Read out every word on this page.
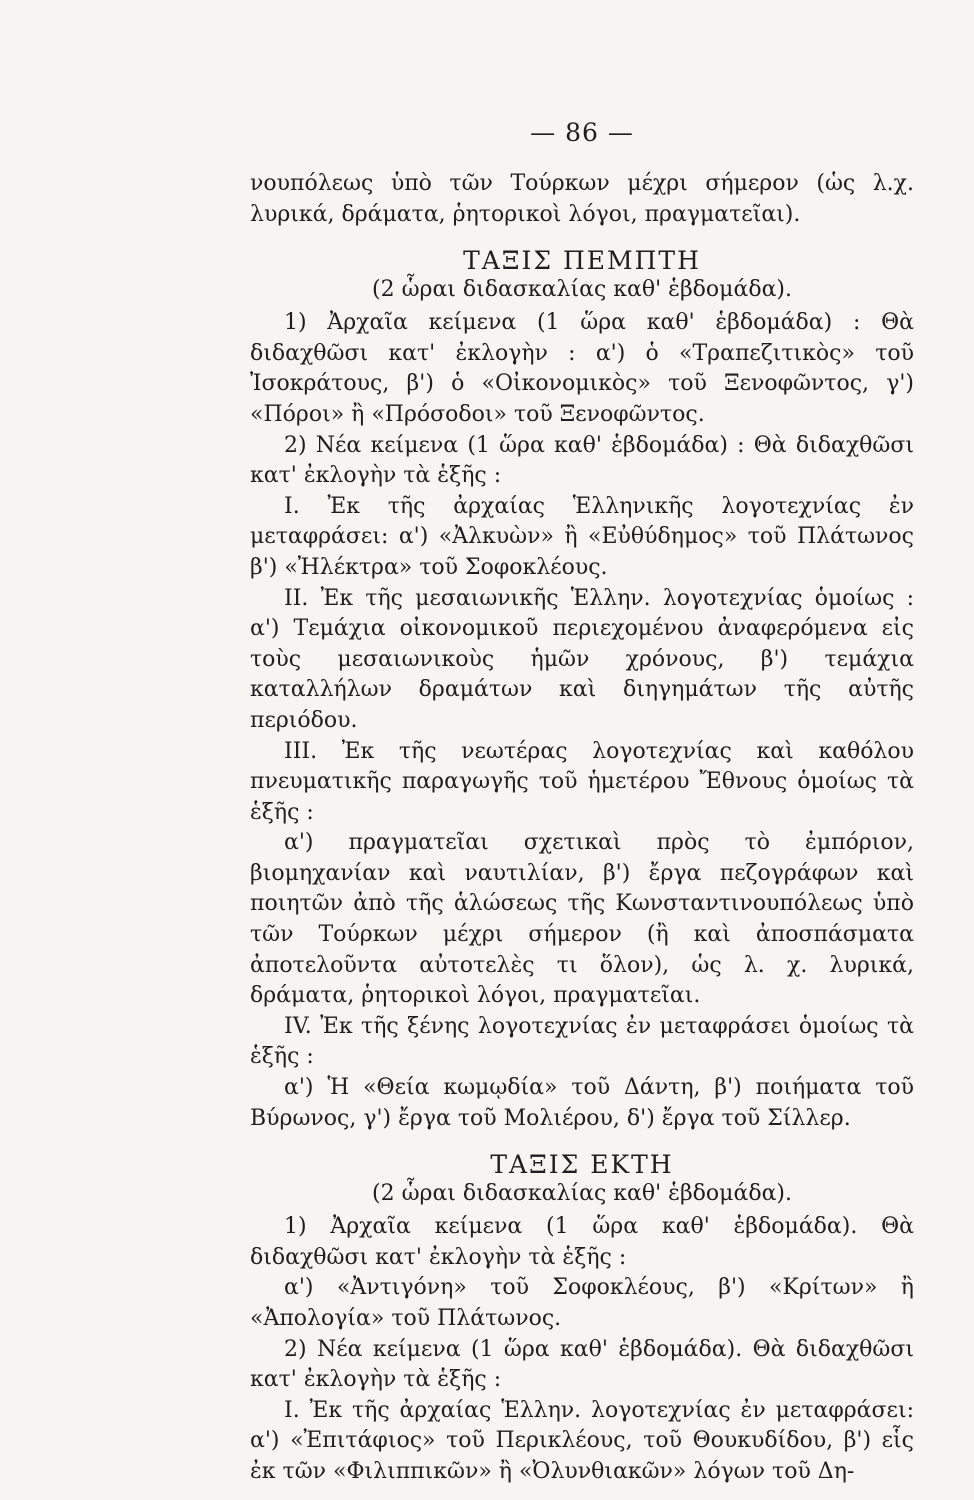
— 86 —

νουπόλεως ὑπὸ τῶν Τούρκων μέχρι σήμερον (ὡς λ.χ. λυρικά, δράματα, ῥητορικοὶ λόγοι, πραγματεῖαι).

ΤΑΞΙΣ ΠΕΜΠΤΗ
(2 ὧραι διδασκαλίας καθ' ἑβδομάδα).

1) Ἀρχαῖα κείμενα (1 ὥρα καθ' ἑβδομάδα) : Θὰ διδαχθῶσι κατ' ἐκλογὴν : α') ὁ «Τραπεζιτικὸς» τοῦ Ἰσοκράτους, β') ὁ «Οἰκονομικὸς» τοῦ Ξενοφῶντος, γ') «Πόροι» ἢ «Πρόσοδοι» τοῦ Ξενοφῶντος.

2) Νέα κείμενα (1 ὥρα καθ' ἑβδομάδα) : Θὰ διδαχθῶσι κατ' ἐκλογὴν τὰ ἑξῆς :

Ι. Ἐκ τῆς ἀρχαίας Ἑλληνικῆς λογοτεχνίας ἐν μεταφράσει: α') «Ἀλκυὼν» ἢ «Εὐθύδημος» τοῦ Πλάτωνος β') «Ἠλέκτρα» τοῦ Σοφοκλέους.

ΙΙ. Ἐκ τῆς μεσαιωνικῆς Ἑλλην. λογοτεχνίας ὁμοίως : α') Τεμάχια οἰκονομικοῦ περιεχομένου ἀναφερόμενα εἰς τοὺς μεσαιωνικοὺς ἡμῶν χρόνους, β') τεμάχια καταλλήλων δραμάτων καὶ διηγημάτων τῆς αὐτῆς περιόδου.

ΙΙΙ. Ἐκ τῆς νεωτέρας λογοτεχνίας καὶ καθόλου πνευματικῆς παραγωγῆς τοῦ ἡμετέρου Ἔθνους ὁμοίως τὰ ἑξῆς :

α') πραγματεῖαι σχετικαὶ πρὸς τὸ ἐμπόριον, βιομηχανίαν καὶ ναυτιλίαν, β') ἔργα πεζογράφων καὶ ποιητῶν ἀπὸ τῆς ἁλώσεως τῆς Κωνσταντινουπόλεως ὑπὸ τῶν Τούρκων μέχρι σήμερον (ἢ καὶ ἀποσπάσματα ἀποτελοῦντα αὐτοτελὲς τι ὅλον), ὡς λ. χ. λυρικά, δράματα, ῥητορικοὶ λόγοι, πραγματεῖαι.

ΙV. Ἐκ τῆς ξένης λογοτεχνίας ἐν μεταφράσει ὁμοίως τὰ ἑξῆς :

α') Ἡ «Θεία κωμῳδία» τοῦ Δάντη, β') ποιήματα τοῦ Βύρωνος, γ') ἔργα τοῦ Μολιέρου, δ') ἔργα τοῦ Σίλλερ.

ΤΑΞΙΣ ΕΚΤΗ
(2 ὧραι διδασκαλίας καθ' ἑβδομάδα).

1) Ἀρχαῖα κείμενα (1 ὥρα καθ' ἑβδομάδα). Θὰ διδαχθῶσι κατ' ἐκλογὴν τὰ ἑξῆς :

α') «Ἀντιγόνη» τοῦ Σοφοκλέους, β') «Κρίτων» ἢ «Ἀπολογία» τοῦ Πλάτωνος.

2) Νέα κείμενα (1 ὥρα καθ' ἑβδομάδα). Θὰ διδαχθῶσι κατ' ἐκλογὴν τὰ ἑξῆς :

Ι. Ἐκ τῆς ἀρχαίας Ἑλλην. λογοτεχνίας ἐν μεταφράσει: α') «Ἐπιτάφιος» τοῦ Περικλέους, τοῦ Θουκυδίδου, β') εἷς ἐκ τῶν «Φιλιππικῶν» ἢ «Ὀλυνθιακῶν» λόγων τοῦ Δη-
